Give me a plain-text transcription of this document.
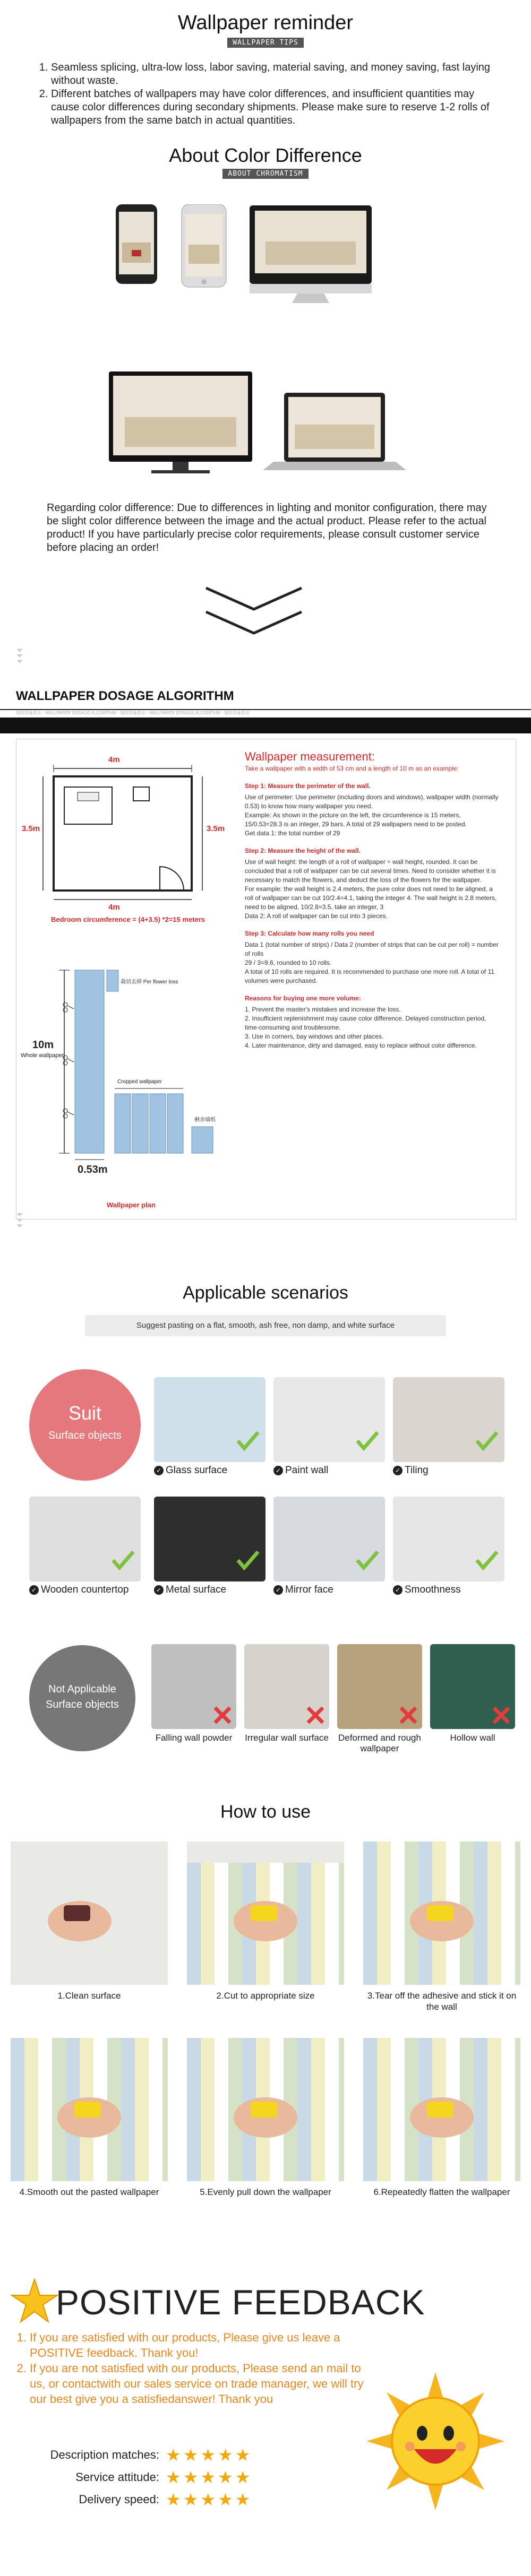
Wallpaper reminder
WALLPAPER TIPS
1. Seamless splicing, ultra-low loss, labor saving, material saving, and money saving, fast laying without waste.
2. Different batches of wallpapers may have color differences, and insufficient quantities may cause color differences during secondary shipments. Please make sure to reserve 1-2 rolls of wallpapers from the same batch in actual quantities.
About Color Difference
ABOUT CHROMATISM
Regarding color difference: Due to differences in lighting and monitor configuration, there may be slight color difference between the image and the actual product. Please refer to the actual product! If you have particularly precise color requirements, please consult customer service before placing an order!
WALLPAPER DOSAGE ALGORITHM
墙纸用量算法 · WALLPAPER DOSAGE ALGORITHM · 墙纸用量算法 · WALLPAPER DOSAGE ALGORITHM · 墙纸用量算法
4m
4m
3.5m	3.5m
Bedroom circumference = (4+3.5) *2=15 meters
10m
Whole wallpaper
0.53m
Wallpaper plan
裁切去掉 Per flower loss
Cropped wallpaper
剩余墙纸
Wallpaper measurement:
Take a wallpaper with a width of 53 cm and a length of 10 m as an example:
Step 1: Measure the perimeter of the wall.
Use of perimeter: Use perimeter (including doors and windows), wallpaper width (normally 0.53) to know how many wallpaper you need.
Example: As shown in the picture on the left, the circumference is 15 meters, 15/0.53=28.3 is an integer, 29 bars. A total of 29 wallpapers need to be posted.
Get data 1: the total number of 29
Step 2: Measure the height of the wall.
Use of wall height: the length of a roll of wallpaper ÷ wall height, rounded. It can be concluded that a roll of wallpaper can be cut several times. Need to consider whether it is necessary to match the flowers, and deduct the loss of the flowers for the wallpaper.
For example: the wall height is 2.4 meters, the pure color does not need to be aligned, a roll of wallpaper can be cut 10/2.4=4.1, taking the integer 4. The wall height is 2.8 meters, need to be aligned, 10/2.8=3.5, take an integer, 3
Data 2: A roll of wallpaper can be cut into 3 pieces.
Step 3: Calculate how many rolls you need
Data 1 (total number of strips) / Data 2 (number of strips that can be cut per roll) = number of rolls
29 / 3=9.6, rounded to 10 rolls.
A total of 10 rolls are required. It is recommended to purchase one more roll. A total of 11 volumes were purchased.
Reasons for buying one more volume:
1. Prevent the master's mistakes and increase the loss.
2. Insufficient replenishment may cause color difference. Delayed construction period, time-consuming and troublesome.
3. Use in corners, bay windows and other places.
4. Later maintenance, dirty and damaged, easy to replace without color difference.
Applicable scenarios
Suggest pasting on a flat, smooth, ash free, non damp, and white surface
Suit
Surface objects
✓ Glass surface	✓ Paint wall	✓ Tiling
✓ Wooden countertop	✓ Metal surface	✓ Mirror face	✓ Smoothness
Not Applicable
Surface objects
Falling wall powder	Irregular wall surface Deformed and rough wallpaper
Hollow wall
How to use
1.Clean surface	2.Cut to appropriate size	3.Tear off the adhesive and stick it on the wall
4.Smooth out the pasted wallpaper	5.Evenly pull down the wallpaper	6.Repeatedly flatten the wallpaper
POSITIVE FEEDBACK
1. If you are satisfied with our products, Please give us leave a POSITIVE feedback. Thank you!
2. If you are not satisfied with our products, Please send an mail to us, or contactwith our sales service on trade manager, we will try our best give you a satisfiedanswer! Thank you
Description matches: ★ ★ ★ ★ ★
Service attitude: ★ ★ ★ ★ ★
Delivery speed: ★ ★ ★ ★ ★
